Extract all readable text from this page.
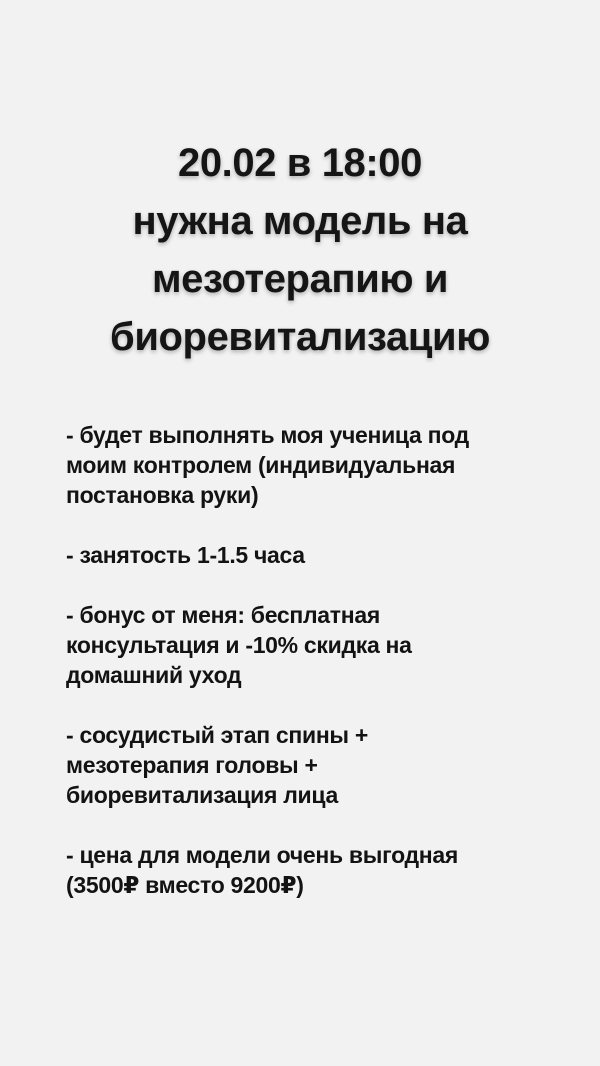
20.02 в 18:00
нужна модель на
мезотерапию и
биоревитализацию
- будет выполнять моя ученица под
моим контролем (индивидуальная
постановка руки)
- занятость 1-1.5 часа
- бонус от меня: бесплатная
консультация и -10% скидка на
домашний уход
- сосудистый этап спины +
мезотерапия головы +
биоревитализация лица
- цена для модели очень выгодная
(3500₽ вместо 9200₽)
